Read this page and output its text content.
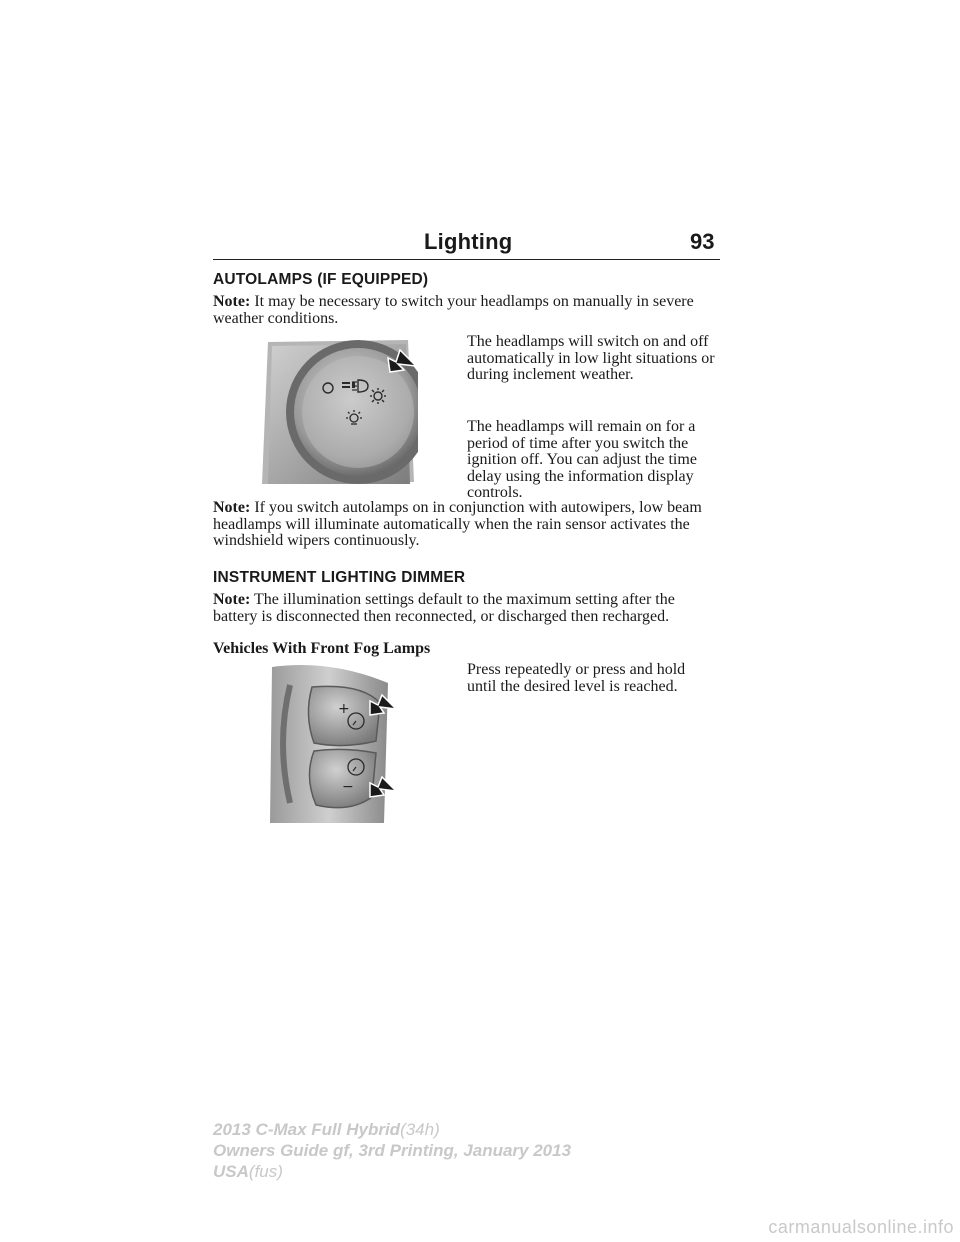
Lighting	93
AUTOLAMPS (IF EQUIPPED)
Note: It may be necessary to switch your headlamps on manually in severe weather conditions.
The headlamps will switch on and off automatically in low light situations or during inclement weather.
The headlamps will remain on for a period of time after you switch the ignition off. You can adjust the time delay using the information display controls.
Note: If you switch autolamps on in conjunction with autowipers, low beam headlamps will illuminate automatically when the rain sensor activates the windshield wipers continuously.
INSTRUMENT LIGHTING DIMMER
Note: The illumination settings default to the maximum setting after the battery is disconnected then reconnected, or discharged then recharged.
Vehicles With Front Fog Lamps
+
−
Press repeatedly or press and hold until the desired level is reached.
2013 C-Max Full Hybrid(34h)
Owners Guide gf, 3rd Printing, January 2013
USA(fus)
carmanualsonline.info
